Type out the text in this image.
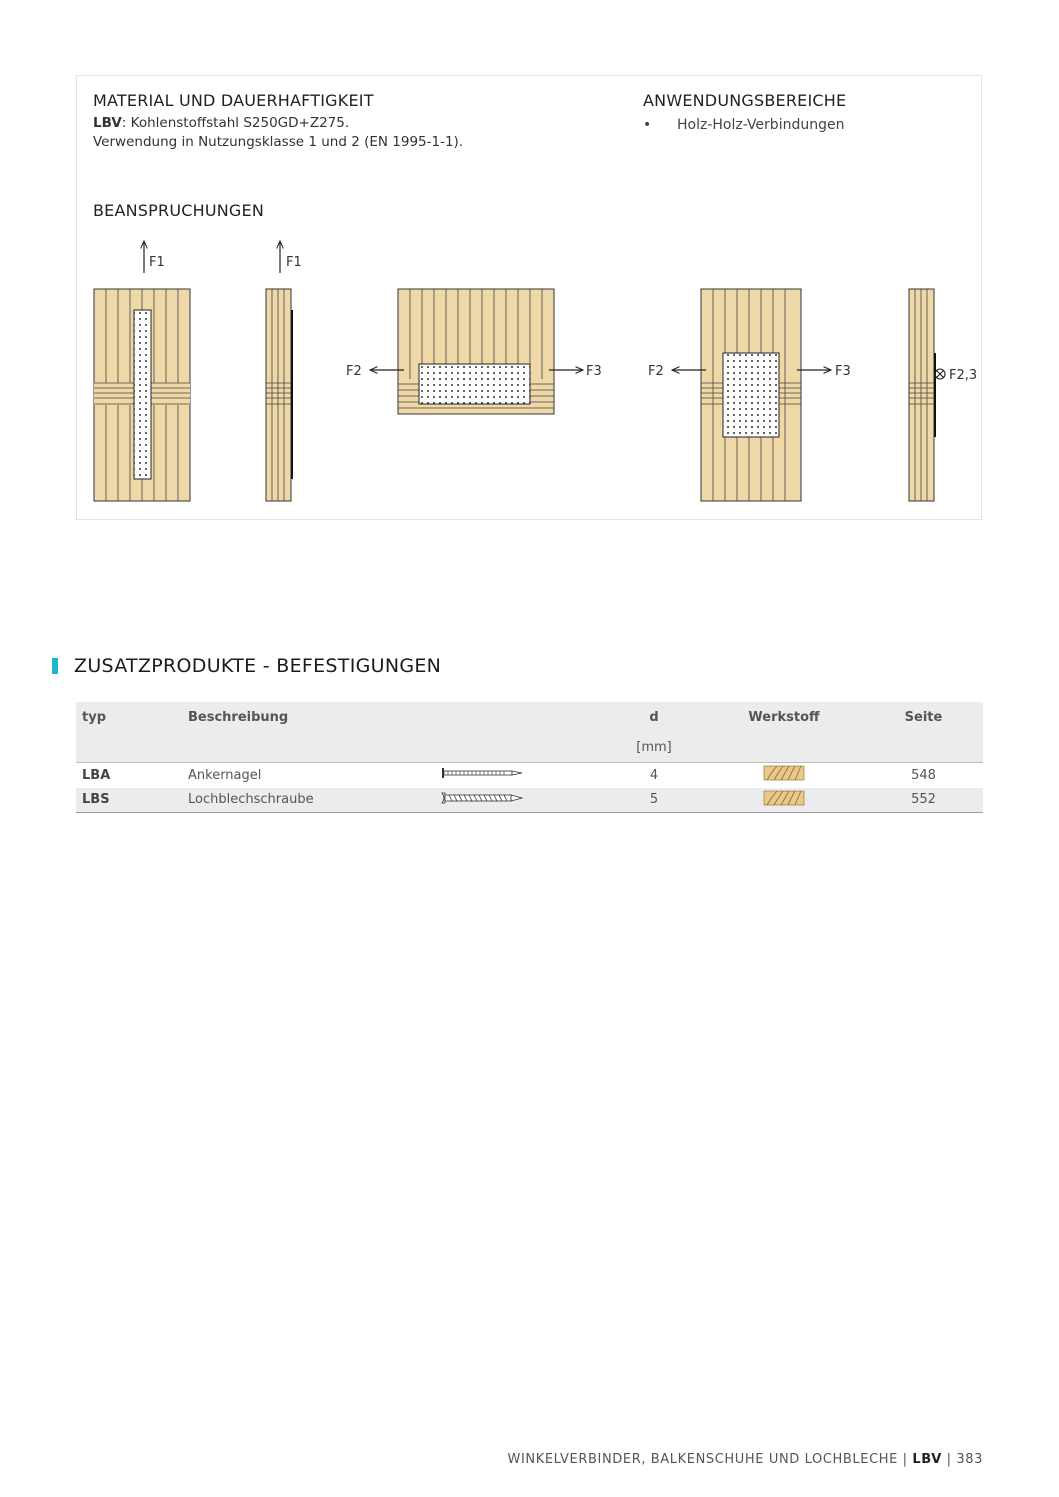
MATERIAL UND DAUERHAFTIGKEIT
LBV: Kohlenstoffstahl S250GD+Z275.
Verwendung in Nutzungsklasse 1 und 2 (EN 1995-1-1).
ANWENDUNGSBEREICHE
• Holz-Holz-Verbindungen
BEANSPRUCHUNGEN
F1	F1
F2	F3	F2	F3	F2,3
ZUSATZPRODUKTE - BEFESTIGUNGEN
typ	Beschreibung		d	Werkstoff	Seite
			[mm]		
LBA	Ankernagel		4		548
LBS	Lochblechschraube		5		552
WINKELVERBINDER, BALKENSCHUHE UND LOCHBLECHE | LBV | 383
